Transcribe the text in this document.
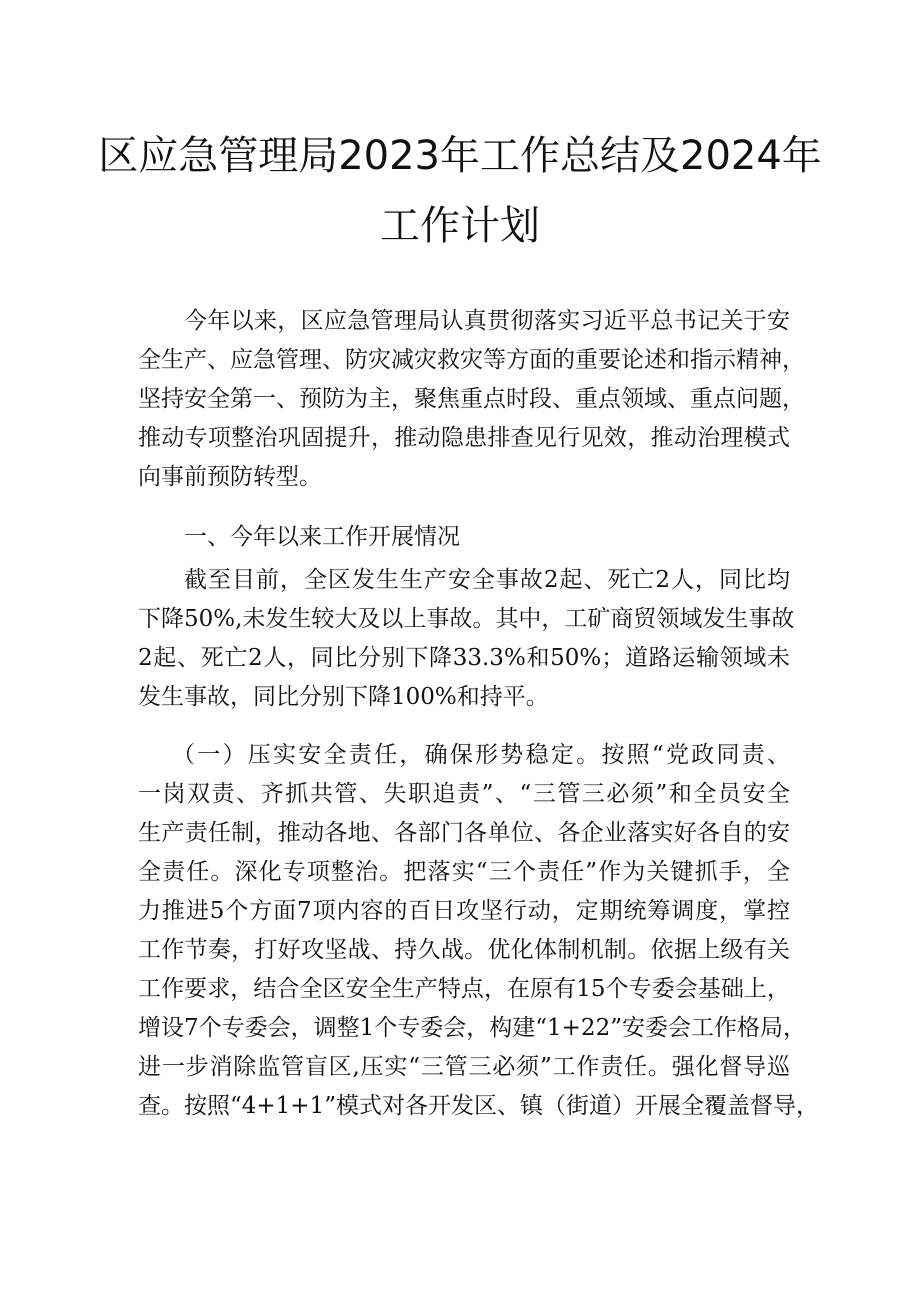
区应急管理局2023年工作总结及2024年
工作计划
今年以来，区应急管理局认真贯彻落实习近平总书记关于安
全生产、应急管理、防灾减灾救灾等方面的重要论述和指示精神，
坚持安全第一、预防为主，聚焦重点时段、重点领域、重点问题，
推动专项整治巩固提升，推动隐患排查见行见效，推动治理模式
向事前预防转型。
一、今年以来工作开展情况
截至目前，全区发生生产安全事故2起、死亡2人，同比均
下降50%,未发生较大及以上事故。其中，工矿商贸领域发生事故
2起、死亡2人，同比分别下降33.3%和50%；道路运输领域未
发生事故，同比分别下降100%和持平。
（一）压实安全责任，确保形势稳定。按照“党政同责、
一岗双责、齐抓共管、失职追责”、“三管三必须”和全员安全
生产责任制，推动各地、各部门各单位、各企业落实好各自的安
全责任。深化专项整治。把落实“三个责任”作为关键抓手，全
力推进5个方面7项内容的百日攻坚行动，定期统筹调度，掌控
工作节奏，打好攻坚战、持久战。优化体制机制。依据上级有关
工作要求，结合全区安全生产特点，在原有15个专委会基础上，
增设7个专委会，调整1个专委会，构建“1+22”安委会工作格局，
进一步消除监管盲区,压实“三管三必须”工作责任。强化督导巡
查。按照“4+1+1”模式对各开发区、镇（街道）开展全覆盖督导，
